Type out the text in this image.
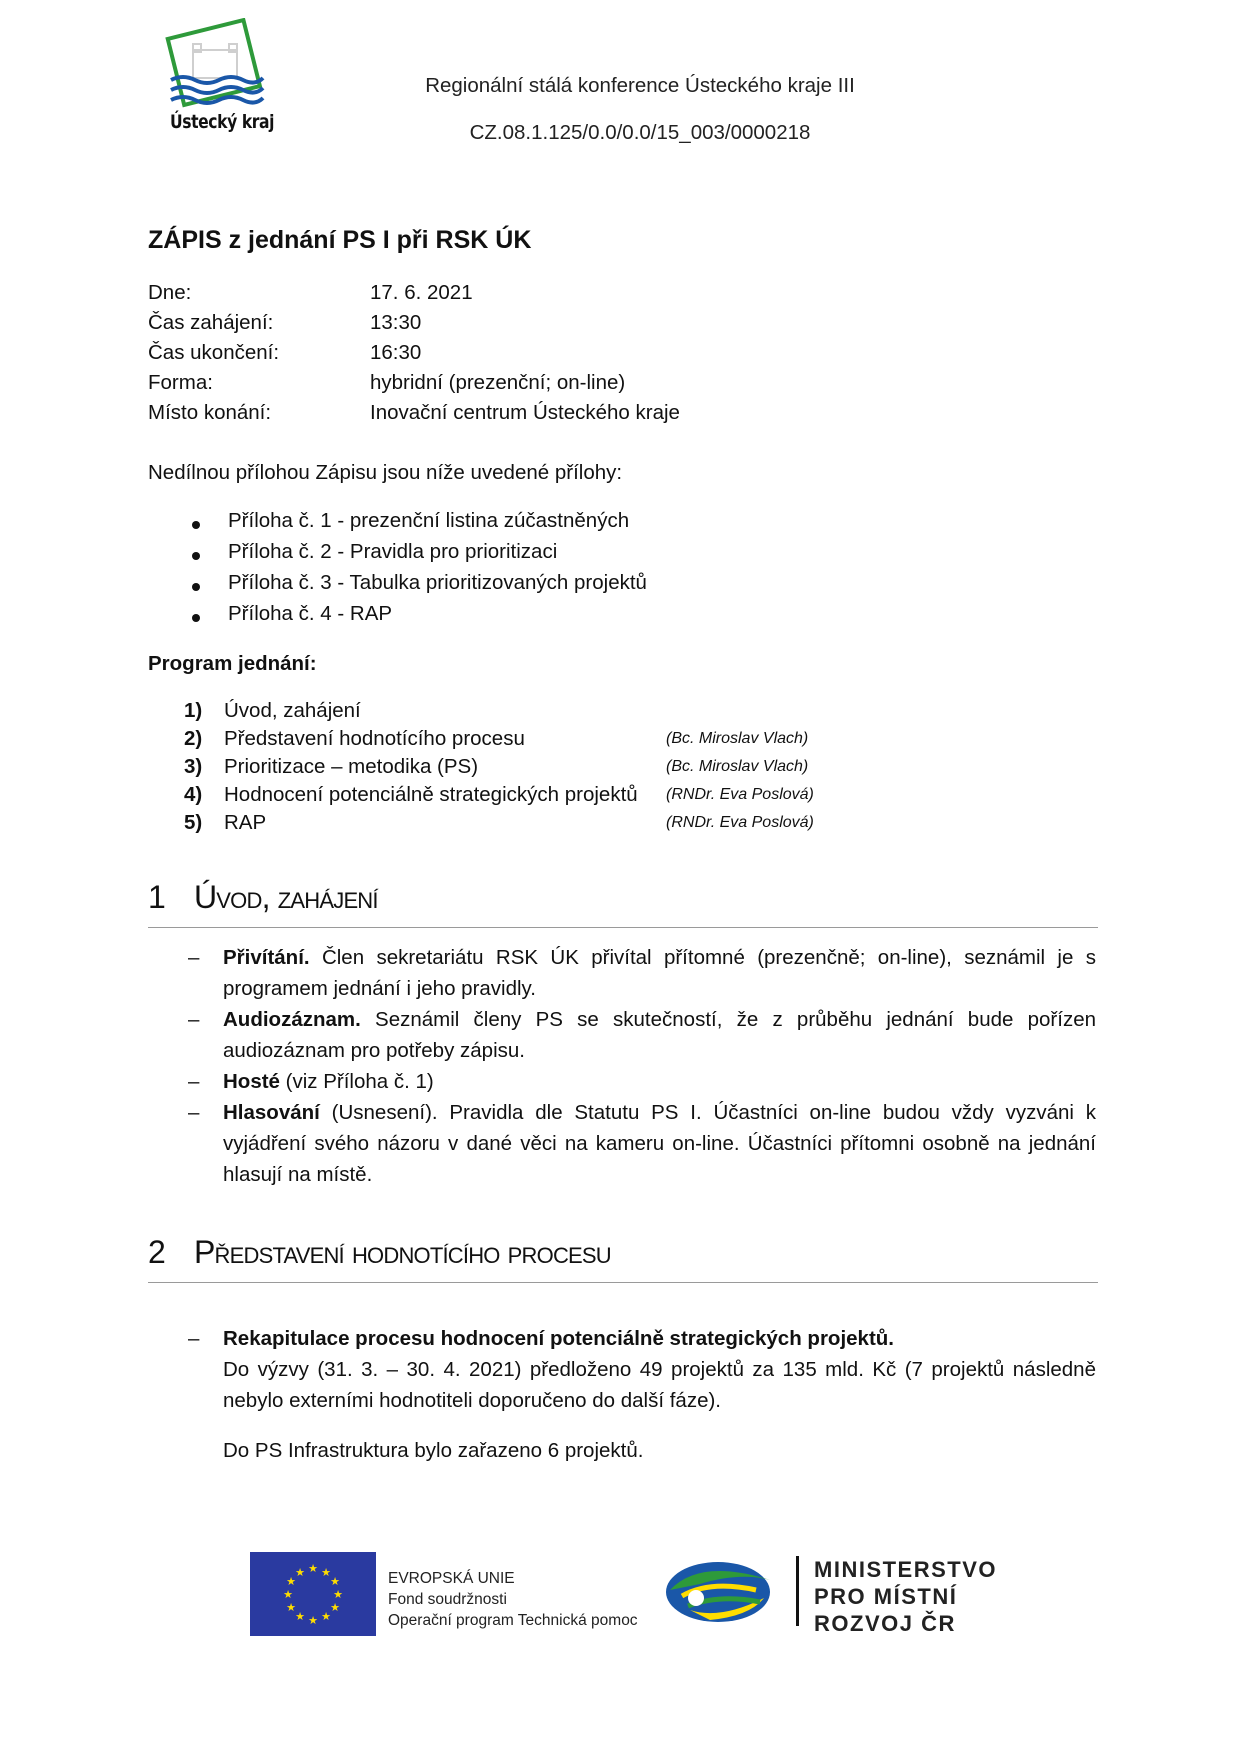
Ústecký kraj
Regionální stálá konference Ústeckého kraje III
CZ.08.1.125/0.0/0.0/15_003/0000218
ZÁPIS z jednání PS I při RSK ÚK
Dne:	17. 6. 2021
Čas zahájení:	13:30
Čas ukončení:	16:30
Forma:	hybridní (prezenční; on-line)
Místo konání:	Inovační centrum Ústeckého kraje
Nedílnou přílohou Zápisu jsou níže uvedené přílohy:
Příloha č. 1 - prezenční listina zúčastněných
Příloha č. 2 - Pravidla pro prioritizaci
Příloha č. 3 - Tabulka prioritizovaných projektů
Příloha č. 4 - RAP
Program jednání:
1) Úvod, zahájení
2) Představení hodnotícího procesu	(Bc. Miroslav Vlach)
3) Prioritizace – metodika (PS)	(Bc. Miroslav Vlach)
4) Hodnocení potenciálně strategických projektů (RNDr. Eva Poslová)
5) RAP	(RNDr. Eva Poslová)
1 Úvod, zahájení
– Přivítání. Člen sekretariátu RSK ÚK přivítal přítomné (prezenčně; on-line), seznámil je s programem jednání i jeho pravidly.
– Audiozáznam. Seznámil členy PS se skutečností, že z průběhu jednání bude pořízen audiozáznam pro potřeby zápisu.
– Hosté (viz Příloha č. 1)
– Hlasování (Usnesení). Pravidla dle Statutu PS I. Účastníci on-line budou vždy vyzváni k vyjádření svého názoru v dané věci na kameru on-line. Účastníci přítomni osobně na jednání hlasují na místě.
2 Představení hodnotícího procesu
– Rekapitulace procesu hodnocení potenciálně strategických projektů.
Do výzvy (31. 3. – 30. 4. 2021) předloženo 49 projektů za 135 mld. Kč (7 projektů následně nebylo externími hodnotiteli doporučeno do další fáze).
Do PS Infrastruktura bylo zařazeno 6 projektů.
★ ★
★
★
★
★
★
★
★
★
★
★	EVROPSKÁ UNIE
Fond soudržnosti
Operační program Technická pomoc
MINISTERSTVO
PRO MÍSTNÍ
ROZVOJ ČR
